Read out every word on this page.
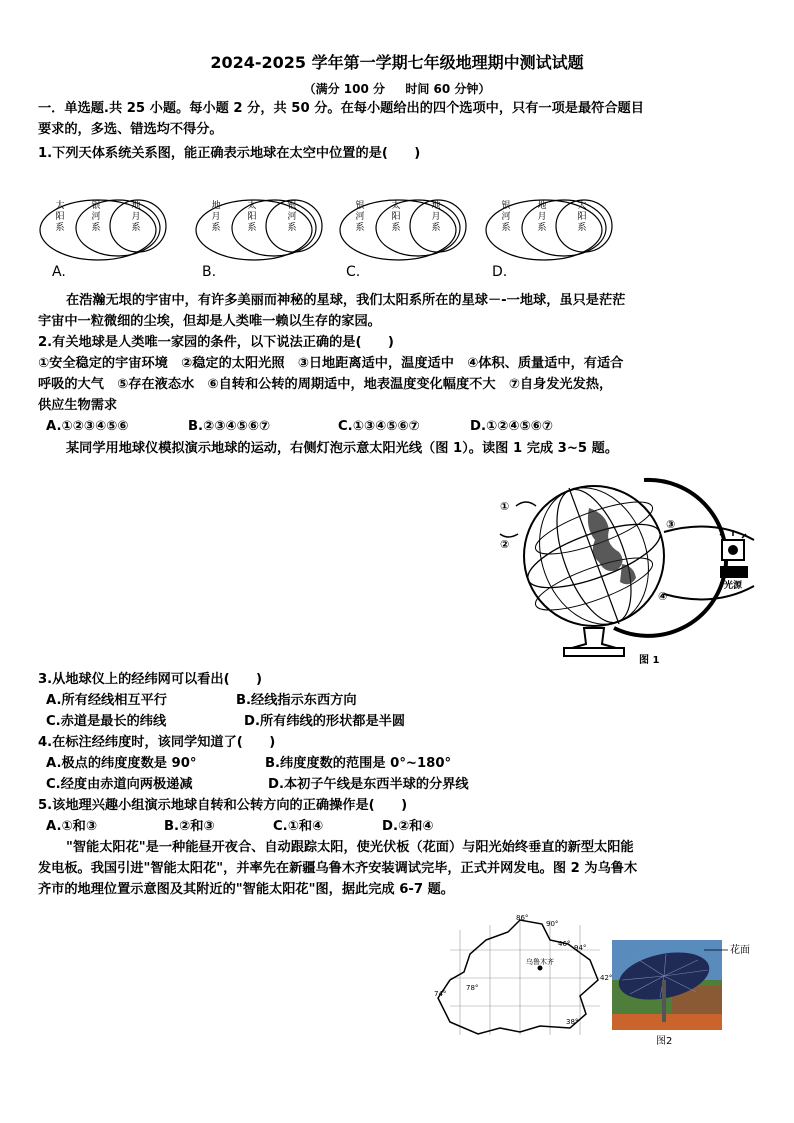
2024-2025 学年第一学期七年级地理期中测试试题
（满分 100 分 　 时间 60 分钟）
一．单选题.共 25 小题。每小题 2 分，共 50 分。在每小题给出的四个选项中，只有一项是最符合题目
要求的，多选、错选均不得分。
1.下列天体系统关系图，能正确表示地球在太空中位置的是(　　)
太
阳
系
银
河
系
地
月
系
A.
地
月
系
太
阳
系
银
河
系
B.
银
河
系
太
阳
系
地
月
系
C.
银
河
系
地
月
系
太
阳
系
D.
在浩瀚无垠的宇宙中，有许多美丽而神秘的星球，我们太阳系所在的星球－-一地球，虽只是茫茫
宇宙中一粒微细的尘埃，但却是人类唯一赖以生存的家园。
2.有关地球是人类唯一家园的条件，以下说法正确的是(　　)
①安全稳定的宇宙环境　②稳定的太阳光照　③日地距离适中，温度适中　④体积、质量适中，有适合
呼吸的大气　⑤存在液态水　⑥自转和公转的周期适中，地表温度变化幅度不大　⑦自身发光发热，
供应生物需求
A.①②③④⑤⑥	B.②③④⑤⑥⑦	C.①③④⑤⑥⑦	D.①②④⑤⑥⑦
某同学用地球仪模拟演示地球的运动，右侧灯泡示意太阳光线（图 1）。读图 1 完成 3~5 题。
①
②
③
④
光源
图 1
3.从地球仪上的经纬网可以看出(　　)
A.所有经线相互平行	B.经线指示东西方向
C.赤道是最长的纬线	D.所有纬线的形状都是半圆
4.在标注经纬度时，该同学知道了(　　)
A.极点的纬度度数是 90°	B.纬度度数的范围是 0°~180°
C.经度由赤道向两极递减	D.本初子午线是东西半球的分界线
5.该地理兴趣小组演示地球自转和公转方向的正确操作是(　　)
A.①和③	B.②和③	C.①和④	D.②和④
"智能太阳花"是一种能昼开夜合、自动跟踪太阳，使光伏板（花面）与阳光始终垂直的新型太阳能
发电板。我国引进"智能太阳花"，并率先在新疆乌鲁木齐安装调试完毕，正式并网发电。图 2 为乌鲁木
齐市的地理位置示意图及其附近的"智能太阳花"图，据此完成 6-7 题。
乌鲁木齐
86°
90°
94°
78°
74°
46°
42°
38°
花面
图2
